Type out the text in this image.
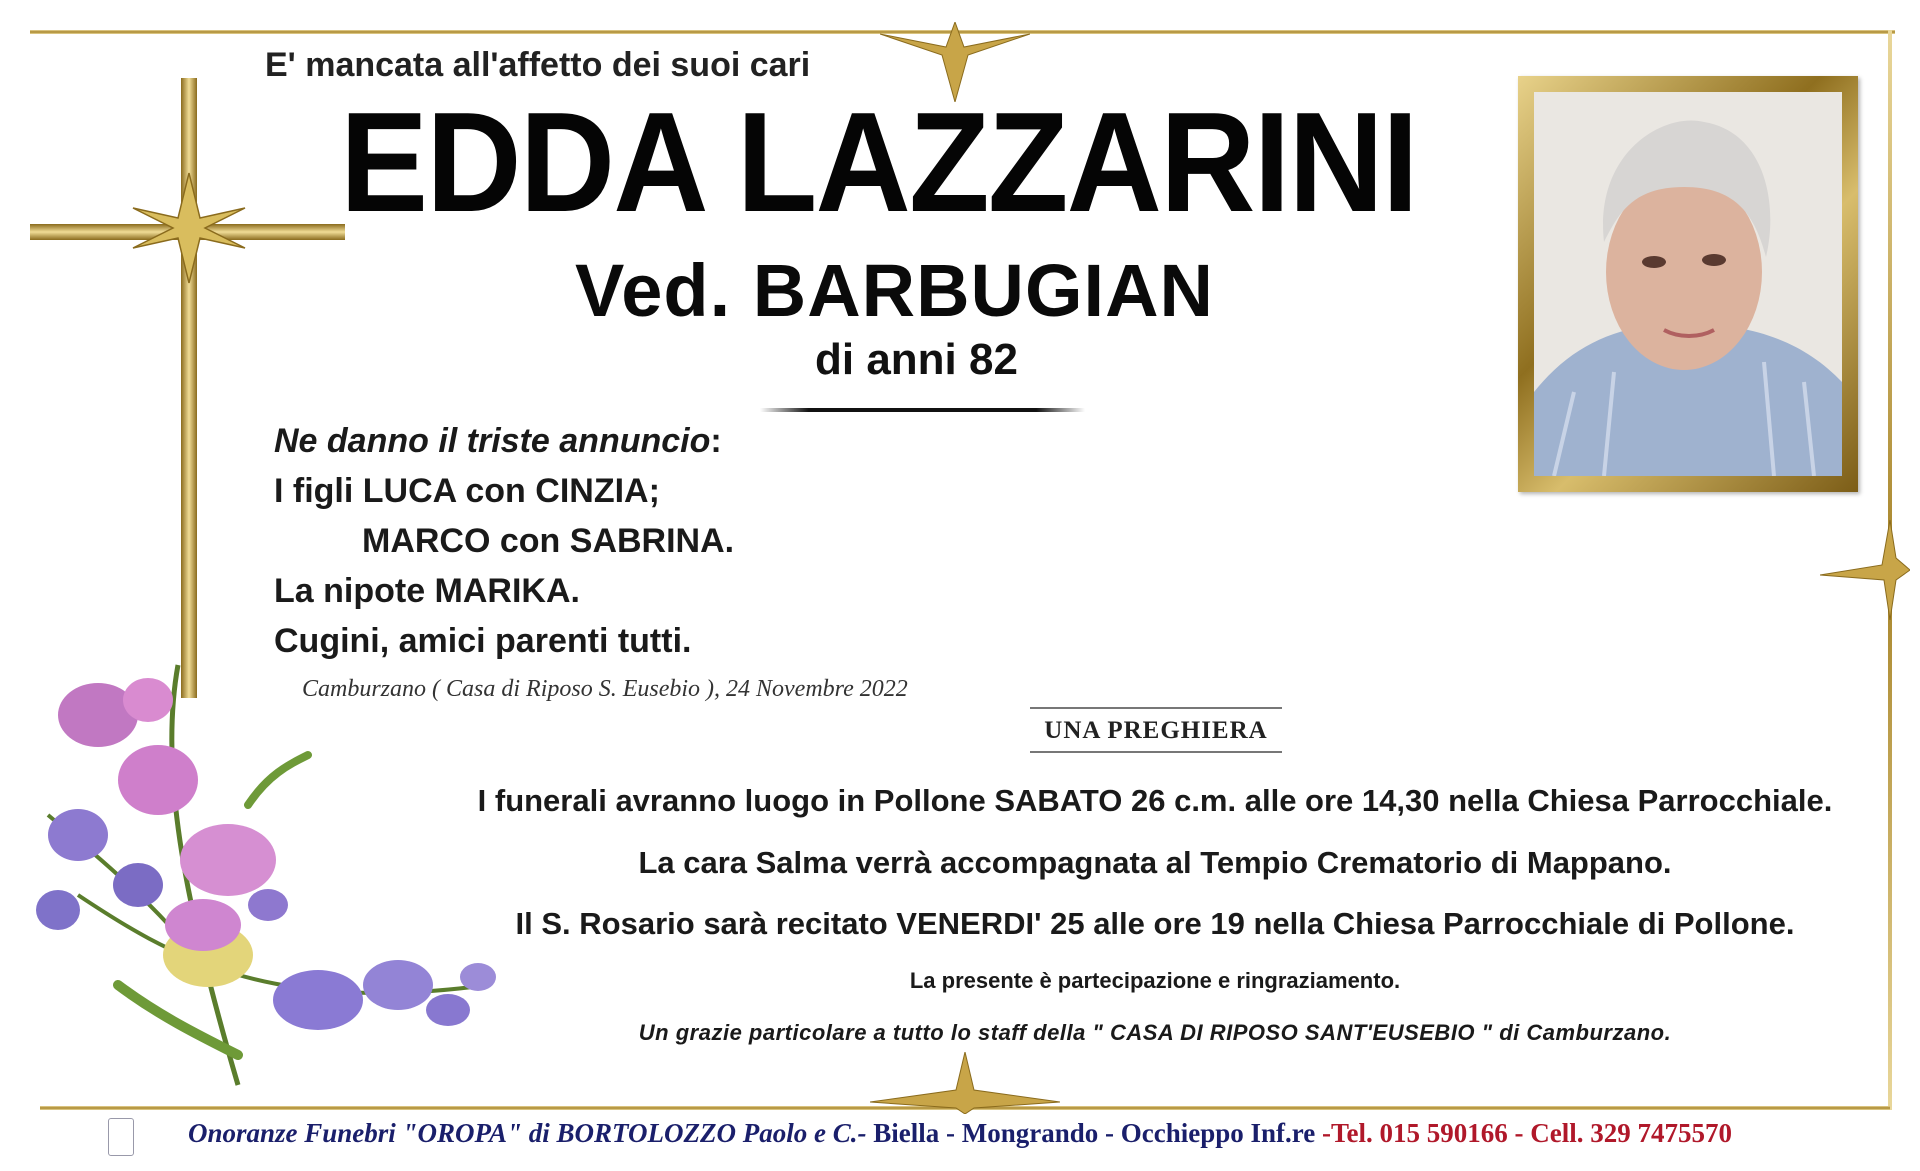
E' mancata all'affetto dei suoi cari
EDDA LAZZARINI
Ved. BARBUGIAN
di anni 82
Ne danno il triste annuncio:
I figli LUCA con CINZIA;
MARCO con SABRINA.
La nipote MARIKA.
Cugini, amici parenti tutti.
Camburzano ( Casa di Riposo S. Eusebio ), 24 Novembre 2022
UNA PREGHIERA
I funerali avranno luogo in Pollone SABATO 26 c.m. alle ore 14,30 nella Chiesa Parrocchiale.
La cara Salma verrà accompagnata al Tempio Crematorio di Mappano.
Il S. Rosario sarà recitato VENERDI' 25 alle ore 19 nella Chiesa Parrocchiale di Pollone.
La presente è partecipazione e ringraziamento.
Un grazie particolare a tutto lo staff della " CASA DI RIPOSO SANT'EUSEBIO " di Camburzano.
Onoranze Funebri "OROPA" di BORTOLOZZO Paolo e C.- Biella - Mongrando - Occhieppo Inf.re -Tel. 015 590166 - Cell. 329 7475570
